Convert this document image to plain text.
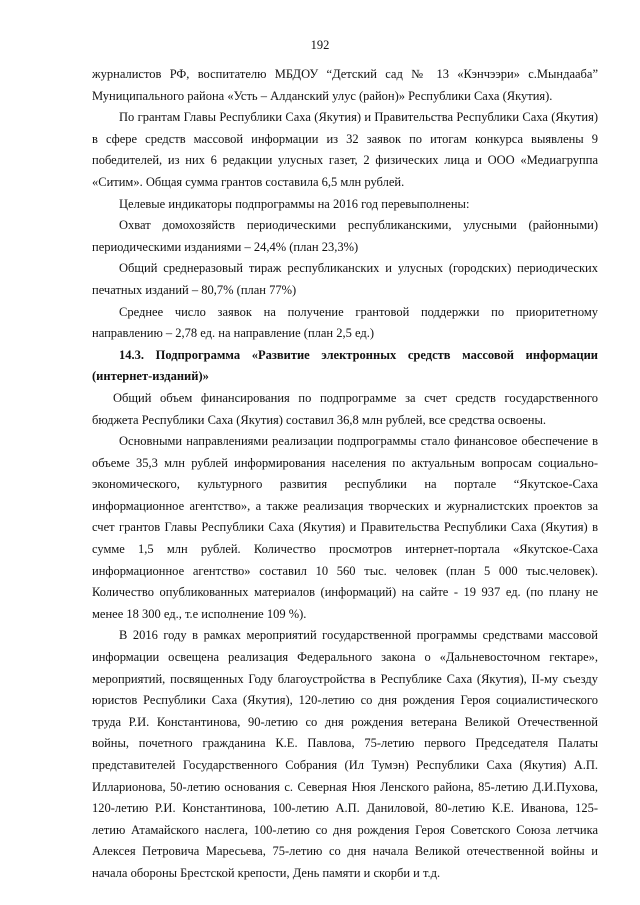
192

журналистов РФ, воспитателю МБДОУ “Детский сад № 13 «Кэнчээри» с.Мындааба” Муниципального района «Усть – Алданский улус (район)» Республики Саха (Якутия).

По грантам Главы Республики Саха (Якутия) и Правительства Республики Саха (Якутия) в сфере средств массовой информации из 32 заявок по итогам конкурса выявлены 9 победителей, из них 6 редакции улусных газет, 2 физических лица и ООО «Медиагруппа «Ситим». Общая сумма грантов составила 6,5 млн рублей.

Целевые индикаторы подпрограммы на 2016 год перевыполнены:

Охват домохозяйств периодическими республиканскими, улусными (районными) периодическими изданиями – 24,4% (план 23,3%)

Общий среднеразовый тираж республиканских и улусных (городских) периодических печатных изданий – 80,7% (план 77%)

Среднее число заявок на получение грантовой поддержки по приоритетному направлению – 2,78 ед. на направление (план 2,5 ед.)

14.3. Подпрограмма «Развитие электронных средств массовой информации (интернет-изданий)»

Общий объем финансирования по подпрограмме за счет средств государственного бюджета Республики Саха (Якутия) составил 36,8 млн рублей, все средства освоены.

Основными направлениями реализации подпрограммы стало финансовое обеспечение в объеме 35,3 млн рублей информирования населения по актуальным вопросам социально-экономического, культурного развития республики на портале “Якутское-Саха информационное агентство», а также реализация творческих и журналистских проектов за счет грантов Главы Республики Саха (Якутия) и Правительства Республики Саха (Якутия) в сумме 1,5 млн рублей. Количество просмотров интернет-портала «Якутское-Саха информационное агентство» составил 10 560 тыс. человек (план 5 000 тыс.человек). Количество опубликованных материалов (информаций) на сайте - 19 937 ед. (по плану не менее 18 300 ед., т.е исполнение 109 %).

В 2016 году в рамках мероприятий государственной программы средствами массовой информации освещена реализация Федерального закона о «Дальневосточном гектаре», мероприятий, посвященных Году благоустройства в Республике Саха (Якутия), II-му съезду юристов Республики Саха (Якутия), 120-летию со дня рождения Героя социалистического труда Р.И. Константинова, 90-летию со дня рождения ветерана Великой Отечественной войны, почетного гражданина К.Е. Павлова, 75-летию первого Председателя Палаты представителей Государственного Собрания (Ил Тумэн) Республики Саха (Якутия) А.П. Илларионова, 50-летию основания с. Северная Нюя Ленского района, 85-летию Д.И.Пухова, 120-летию Р.И. Константинова, 100-летию А.П. Даниловой, 80-летию К.Е. Иванова, 125-летию Атамайского наслега, 100-летию со дня рождения Героя Советского Союза летчика Алексея Петровича Маресьева, 75-летию со дня начала Великой отечественной войны и начала обороны Брестской крепости, День памяти и скорби и т.д.
